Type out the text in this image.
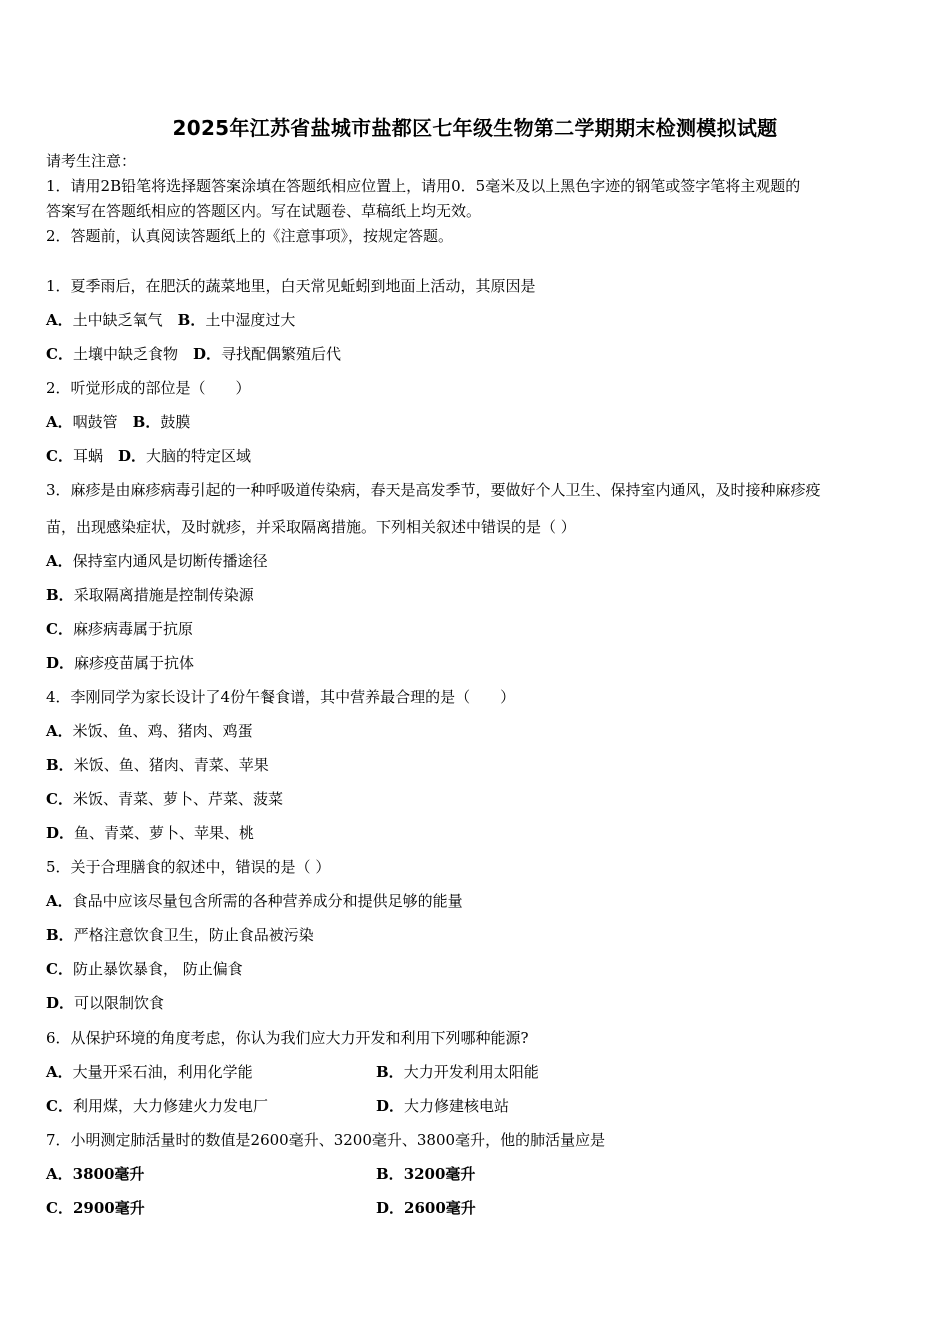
2025年江苏省盐城市盐都区七年级生物第二学期期末检测模拟试题
请考生注意：
1．请用2B铅笔将选择题答案涂填在答题纸相应位置上，请用0．5毫米及以上黑色字迹的钢笔或签字笔将主观题的
答案写在答题纸相应的答题区内。写在试题卷、草稿纸上均无效。
2．答题前，认真阅读答题纸上的《注意事项》，按规定答题。
1．夏季雨后，在肥沃的蔬菜地里，白天常见蚯蚓到地面上活动，其原因是
A．土中缺乏氧气　 B．土中湿度过大
C．土壤中缺乏食物　 D．寻找配偶繁殖后代
2．听觉形成的部位是（　　）
A．咽鼓管　 B．鼓膜
C．耳蜗　 D．大脑的特定区域
3．麻疹是由麻疹病毒引起的一种呼吸道传染病，春天是高发季节，要做好个人卫生、保持室内通风，及时接种麻疹疫
苗，出现感染症状，及时就疹，并采取隔离措施。下列相关叙述中错误的是（ ）
A．保持室内通风是切断传播途径
B．采取隔离措施是控制传染源
C．麻疹病毒属于抗原
D．麻疹疫苗属于抗体
4．李刚同学为家长设计了4份午餐食谱，其中营养最合理的是（　　）
A．米饭、鱼、鸡、猪肉、鸡蛋
B．米饭、鱼、猪肉、青菜、苹果
C．米饭、青菜、萝卜、芹菜、菠菜
D．鱼、青菜、萝卜、苹果、桃
5．关于合理膳食的叙述中，错误的是（ ）
A．食品中应该尽量包含所需的各种营养成分和提供足够的能量
B．严格注意饮食卫生，防止食品被污染
C．防止暴饮暴食， 防止偏食
D．可以限制饮食
6．从保护环境的角度考虑，你认为我们应大力开发和利用下列哪种能源?
A．大量开采石油，利用化学能	B．大力开发利用太阳能
C．利用煤，大力修建火力发电厂	D．大力修建核电站
7．小明测定肺活量时的数值是2600毫升、3200毫升、3800毫升，他的肺活量应是
A．3800毫升	B．3200毫升
C．2900毫升	D．2600毫升
